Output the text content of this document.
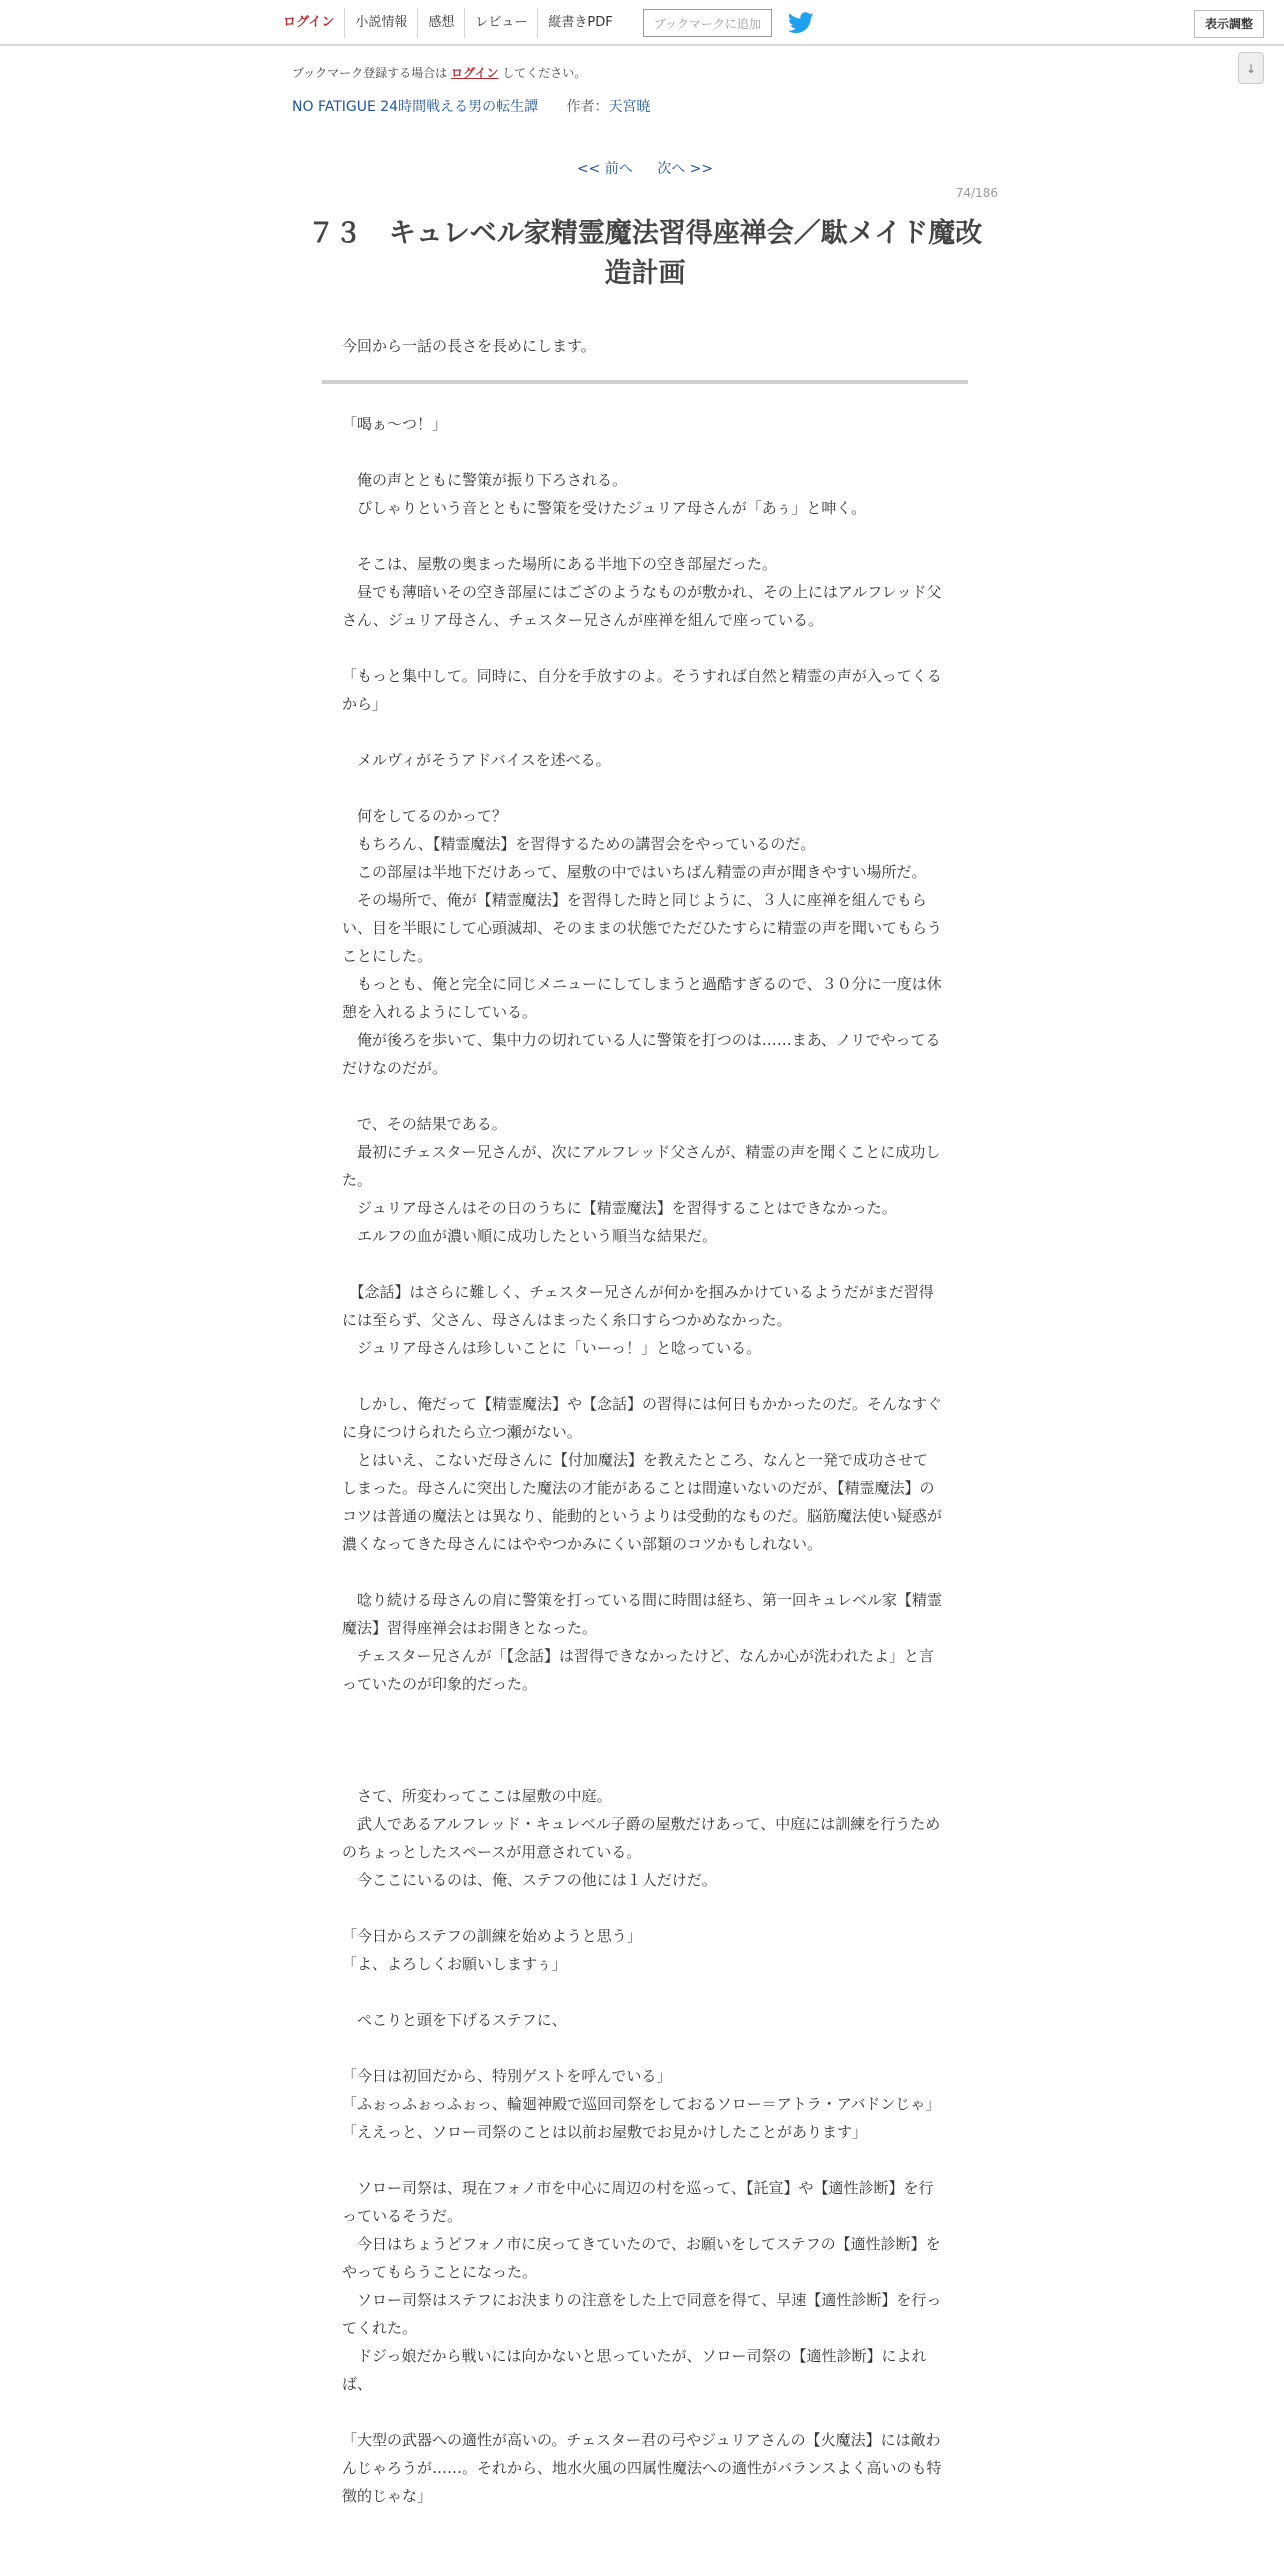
ログイン	小説情報	感想	レビュー	縦書きPDF	ブックマークに追加	表示調整
↓
ブックマーク登録する場合は ログイン してください。
NO FATIGUE 24時間戦える男の転生譚 作者：天宮暁
<< 前へ 次へ >>
74/186
７３　キュレベル家精霊魔法習得座禅会／駄メイド魔改造計画
今回から一話の長さを長めにします。

「喝ぁ～つ！」

　俺の声とともに警策が振り下ろされる。

　ぴしゃりという音とともに警策を受けたジュリア母さんが「あぅ」と呻く。

　そこは、屋敷の奥まった場所にある半地下の空き部屋だった。

　昼でも薄暗いその空き部屋にはござのようなものが敷かれ、その上にはアルフレッド父さん、ジュリア母さん、チェスター兄さんが座禅を組んで座っている。

「もっと集中して。同時に、自分を手放すのよ。そうすれば自然と精霊の声が入ってくるから」

　メルヴィがそうアドバイスを述べる。

　何をしてるのかって？

　もちろん、【精霊魔法】を習得するための講習会をやっているのだ。

　この部屋は半地下だけあって、屋敷の中ではいちばん精霊の声が聞きやすい場所だ。

　その場所で、俺が【精霊魔法】を習得した時と同じように、３人に座禅を組んでもらい、目を半眼にして心頭滅却、そのままの状態でただひたすらに精霊の声を聞いてもらうことにした。

　もっとも、俺と完全に同じメニューにしてしまうと過酷すぎるので、３０分に一度は休憩を入れるようにしている。

　俺が後ろを歩いて、集中力の切れている人に警策を打つのは……まあ、ノリでやってるだけなのだが。

　で、その結果である。

　最初にチェスター兄さんが、次にアルフレッド父さんが、精霊の声を聞くことに成功した。

　ジュリア母さんはその日のうちに【精霊魔法】を習得することはできなかった。

　エルフの血が濃い順に成功したという順当な結果だ。

　【念話】はさらに難しく、チェスター兄さんが何かを掴みかけているようだがまだ習得には至らず、父さん、母さんはまったく糸口すらつかめなかった。

　ジュリア母さんは珍しいことに「いーっ！」と唸っている。

　しかし、俺だって【精霊魔法】や【念話】の習得には何日もかかったのだ。そんなすぐに身につけられたら立つ瀬がない。

　とはいえ、こないだ母さんに【付加魔法】を教えたところ、なんと一発で成功させてしまった。母さんに突出した魔法の才能があることは間違いないのだが、【精霊魔法】のコツは普通の魔法とは異なり、能動的というよりは受動的なものだ。脳筋魔法使い疑惑が濃くなってきた母さんにはややつかみにくい部類のコツかもしれない。

　唸り続ける母さんの肩に警策を打っている間に時間は経ち、第一回キュレベル家【精霊魔法】習得座禅会はお開きとなった。

　チェスター兄さんが「【念話】は習得できなかったけど、なんか心が洗われたよ」と言っていたのが印象的だった。

　さて、所変わってここは屋敷の中庭。

　武人であるアルフレッド・キュレベル子爵の屋敷だけあって、中庭には訓練を行うためのちょっとしたスペースが用意されている。

　今ここにいるのは、俺、ステフの他には１人だけだ。

「今日からステフの訓練を始めようと思う」

「よ、よろしくお願いしますぅ」

　ぺこりと頭を下げるステフに、

「今日は初回だから、特別ゲストを呼んでいる」

「ふぉっふぉっふぉっ、輪廻神殿で巡回司祭をしておるソロー＝アトラ・アバドンじゃ」

「ええっと、ソロー司祭のことは以前お屋敷でお見かけしたことがあります」

　ソロー司祭は、現在フォノ市を中心に周辺の村を巡って、【託宣】や【適性診断】を行っているそうだ。

　今日はちょうどフォノ市に戻ってきていたので、お願いをしてステフの【適性診断】をやってもらうことになった。

　ソロー司祭はステフにお決まりの注意をした上で同意を得て、早速【適性診断】を行ってくれた。

　ドジっ娘だから戦いには向かないと思っていたが、ソロー司祭の【適性診断】によれば、

「大型の武器への適性が高いの。チェスター君の弓やジュリアさんの【火魔法】には敵わんじゃろうが……。それから、地水火風の四属性魔法への適性がバランスよく高いのも特徴的じゃな」
